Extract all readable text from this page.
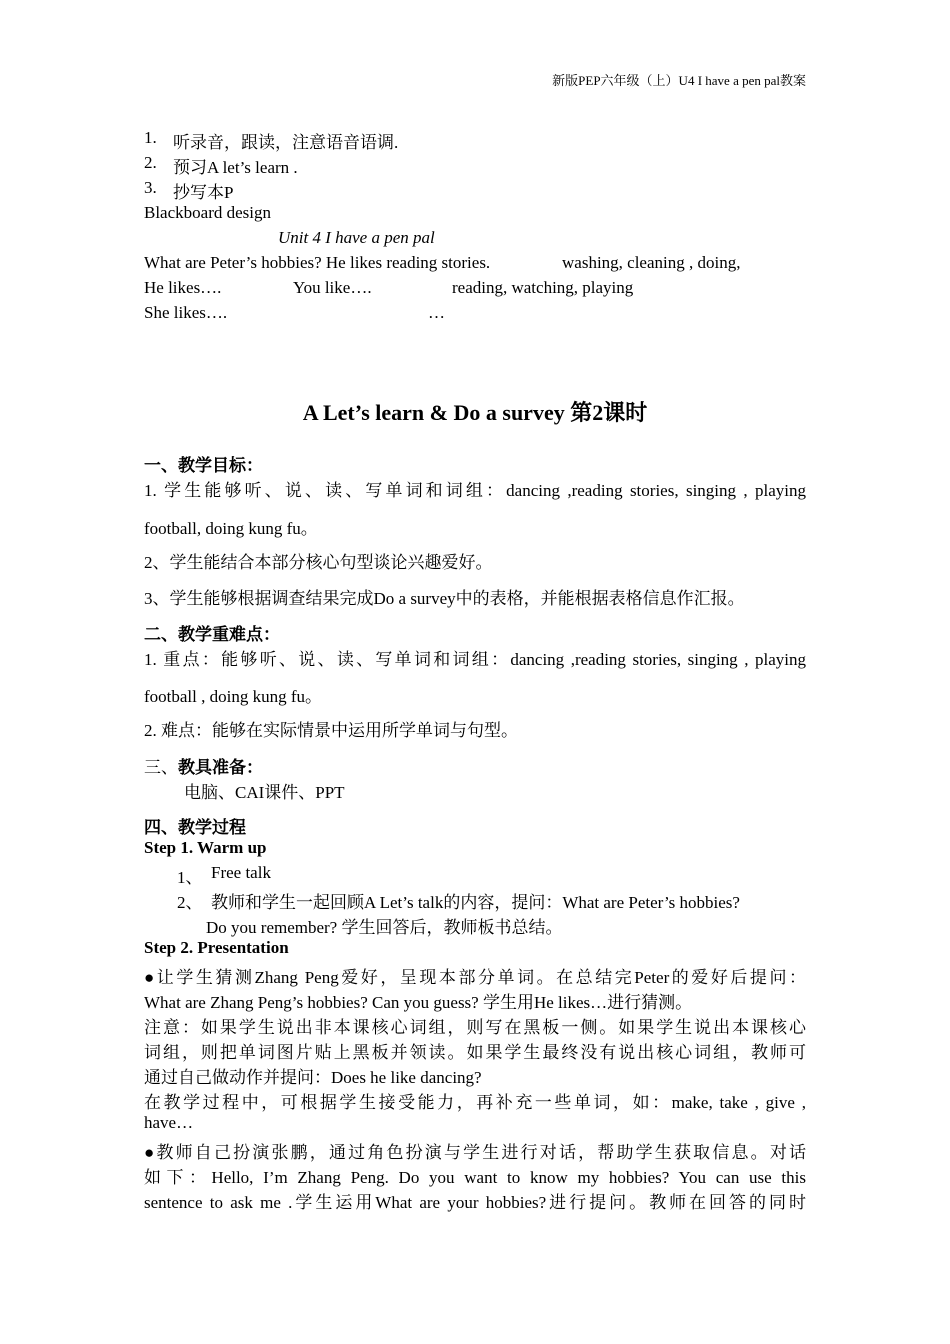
新版PEP六年级（上）U4 I have a pen pal教案
1. 听录音，跟读，注意语音语调.
2. 预习A let’s learn .
3. 抄写本P
Blackboard design
Unit 4 I have a pen pal
What are Peter’s hobbies? He likes reading stories.	washing, cleaning , doing,
He likes….	You like….	reading, watching, playing
She likes….	…
A Let’s learn & Do a survey 第2课时
一、教学目标：
1. 学生能够听、说、读、写单词和词组：dancing ,reading stories, singing , playing
football, doing kung fu。
2、学生能结合本部分核心句型谈论兴趣爱好。
3、学生能够根据调查结果完成Do a survey中的表格，并能根据表格信息作汇报。
二、教学重难点：
1. 重点：能够听、说、读、写单词和词组：dancing ,reading stories, singing , playing
football , doing kung fu。
2. 难点：能够在实际情景中运用所学单词与句型。
三、教具准备：
电脑、CAI课件、PPT
四、教学过程
Step 1. Warm up
1、 Free talk
2、 教师和学生一起回顾A Let’s talk的内容，提问：What are Peter’s hobbies?
Do you remember? 学生回答后，教师板书总结。
Step 2. Presentation
●让学生猜测Zhang Peng爱好，呈现本部分单词。在总结完Peter的爱好后提问：
What are Zhang Peng’s hobbies? Can you guess? 学生用He likes…进行猜测。
注意：如果学生说出非本课核心词组，则写在黑板一侧。如果学生说出本课核心
词组，则把单词图片贴上黑板并领读。如果学生最终没有说出核心词组，教师可
通过自己做动作并提问：Does he like dancing?
在教学过程中，可根据学生接受能力，再补充一些单词，如：make, take , give ,
have…
●教师自己扮演张鹏，通过角色扮演与学生进行对话，帮助学生获取信息。对话
如下：Hello, I’m Zhang Peng. Do you want to know my hobbies? You can use this
sentence to ask me .学生运用What are your hobbies?进行提问。教师在回答的同时
